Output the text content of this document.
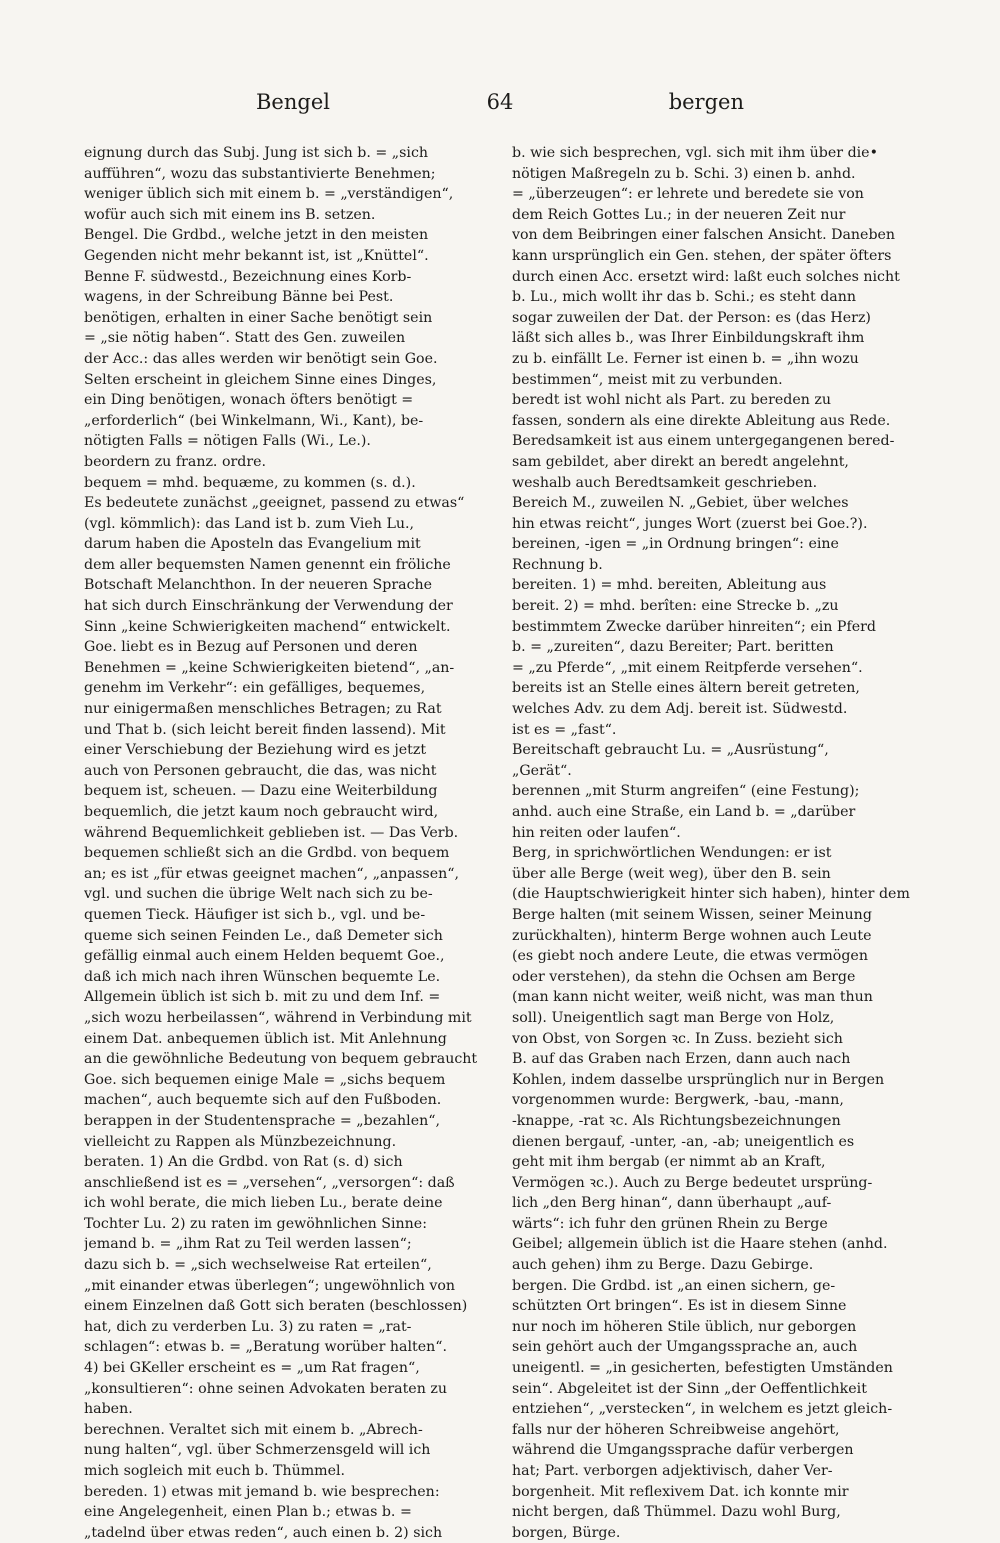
Bengel	64	bergen
eignung durch das Subj. Jung ist sich b. = „sich
aufführen“, wozu das substantivierte Benehmen;
weniger üblich sich mit einem b. = „verständigen“,
wofür auch sich mit einem ins B. setzen.
Bengel. Die Grdbd., welche jetzt in den meisten
Gegenden nicht mehr bekannt ist, ist „Knüttel“.
Benne F. südwestd., Bezeichnung eines Korb-
wagens, in der Schreibung Bänne bei Pest.
benötigen, erhalten in einer Sache benötigt sein
= „sie nötig haben“. Statt des Gen. zuweilen
der Acc.: das alles werden wir benötigt sein Goe.
Selten erscheint in gleichem Sinne eines Dinges,
ein Ding benötigen, wonach öfters benötigt =
„erforderlich“ (bei Winkelmann, Wi., Kant), be-
nötigten Falls = nötigen Falls (Wi., Le.).
beordern zu franz. ordre.
bequem = mhd. bequæme, zu kommen (s. d.).
Es bedeutete zunächst „geeignet, passend zu etwas“
(vgl. kömmlich): das Land ist b. zum Vieh Lu.,
darum haben die Apostеln das Evangelium mit
dem aller bequemsten Namen genennt ein fröliche
Botschaft Melanchthon. In der neueren Sprache
hat sich durch Einschränkung der Verwendung der
Sinn „keine Schwierigkeiten machend“ entwickelt.
Goe. liebt es in Bezug auf Personen und deren
Benehmen = „keine Schwierigkeiten bietend“, „an-
genehm im Verkehr“: ein gefälliges, bequemes,
nur einigermaßen menschliches Betragen; zu Rat
und That b. (sich leicht bereit finden lassend). Mit
einer Verschiebung der Beziehung wird es jetzt
auch von Personen gebraucht, die das, was nicht
bequem ist, scheuen. — Dazu eine Weiterbildung
bequemlich, die jetzt kaum noch gebraucht wird,
während Bequemlichkeit geblieben ist. — Das Verb.
bequemen schließt sich an die Grdbd. von bequem
an; es ist „für etwas geeignet machen“, „anpassen“,
vgl. und suchen die übrige Welt nach sich zu be-
quemen Tieck. Häufiger ist sich b., vgl. und be-
queme sich seinen Feinden Le., daß Demeter sich
gefällig einmal auch einem Helden bequemt Goe.,
daß ich mich nach ihren Wünschen bequemte Le.
Allgemein üblich ist sich b. mit zu und dem Inf. =
„sich wozu herbeilassen“, während in Verbindung mit
einem Dat. anbequemen üblich ist. Mit Anlehnung
an die gewöhnliche Bedeutung von bequem gebraucht
Goe. sich bequemen einige Male = „sichs bequem
machen“, auch bequemte sich auf den Fußboden.
berappen in der Studentensprache = „bezahlen“,
vielleicht zu Rappen als Münzbezeichnung.
beraten. 1) An die Grdbd. von Rat (s. d) sich
anschließend ist es = „versehen“, „versorgen“: daß
ich wohl berate, die mich lieben Lu., berate deine
Tochter Lu. 2) zu raten im gewöhnlichen Sinne:
jemand b. = „ihm Rat zu Teil werden lassen“;
dazu sich b. = „sich wechselweise Rat erteilen“,
„mit einander etwas überlegen“; ungewöhnlich von
einem Einzelnen daß Gott sich beraten (beschlossen)
hat, dich zu verderben Lu. 3) zu raten = „rat-
schlagen“: etwas b. = „Beratung worüber halten“.
4) bei GKeller erscheint es = „um Rat fragen“,
„konsultieren“: ohne seinen Advokaten beraten zu
haben.
berechnen. Veraltet sich mit einem b. „Abrech-
nung halten“, vgl. über Schmerzensgeld will ich
mich sogleich mit euch b. Thümmel.
bereden. 1) etwas mit jemand b. wie besprechen:
eine Angelegenheit, einen Plan b.; etwas b. =
„tadelnd über etwas reden“, auch einen b. 2) sich
b. wie sich besprechen, vgl. sich mit ihm über die•
nötigen Maßregeln zu b. Schi. 3) einen b. anhd.
= „überzeugen“: er lehrete und beredete sie von
dem Reich Gottes Lu.; in der neueren Zeit nur
von dem Beibringen einer falschen Ansicht. Daneben
kann ursprünglich ein Gen. stehen, der später öfters
durch einen Acc. ersetzt wird: laßt euch solches nicht
b. Lu., mich wollt ihr das b. Schi.; es steht dann
sogar zuweilen der Dat. der Person: es (das Herz)
läßt sich alles b., was Ihrer Einbildungskraft ihm
zu b. einfällt Le. Ferner ist einen b. = „ihn wozu
bestimmen“, meist mit zu verbunden.
beredt ist wohl nicht als Part. zu bereden zu
fassen, sondern als eine direkte Ableitung aus Rede.
Beredsamkeit ist aus einem untergegangenen bered-
sam gebildet, aber direkt an beredt angelehnt,
weshalb auch Beredtsamkeit geschrieben.
Bereich M., zuweilen N. „Gebiet, über welches
hin etwas reicht“, junges Wort (zuerst bei Goe.?).
bereinen, -igen = „in Ordnung bringen“: eine
Rechnung b.
bereiten. 1) = mhd. bereiten, Ableitung aus
bereit. 2) = mhd. berîten: eine Strecke b. „zu
bestimmtem Zwecke darüber hinreiten“; ein Pferd
b. = „zureiten“, dazu Bereiter; Part. beritten
= „zu Pferde“, „mit einem Reitpferde versehen“.
bereits ist an Stelle eines ältern bereit getreten,
welches Adv. zu dem Adj. bereit ist. Südwestd.
ist es = „fast“.
Bereitschaft gebraucht Lu. = „Ausrüstung“,
„Gerät“.
berennen „mit Sturm angreifen“ (eine Festung);
anhd. auch eine Straße, ein Land b. = „darüber
hin reiten oder laufen“.
Berg, in sprichwörtlichen Wendungen: er ist
über alle Berge (weit weg), über den B. sein
(die Hauptschwierigkeit hinter sich haben), hinter dem
Berge halten (mit seinem Wissen, seiner Meinung
zurückhalten), hinterm Berge wohnen auch Leute
(es giebt noch andere Leute, die etwas vermögen
oder verstehen), da stehn die Ochsen am Berge
(man kann nicht weiter, weiß nicht, was man thun
soll). Uneigentlich sagt man Berge von Holz,
von Obst, von Sorgen ꝛc. In Zuss. bezieht sich
B. auf das Graben nach Erzen, dann auch nach
Kohlen, indem dasselbe ursprünglich nur in Bergen
vorgenommen wurde: Bergwerk, -bau, -mann,
-knappe, -rat ꝛc. Als Richtungsbezeichnungen
dienen bergauf, -unter, -an, -ab; uneigentlich es
geht mit ihm bergab (er nimmt ab an Kraft,
Vermögen ꝛc.). Auch zu Berge bedeutet ursprüng-
lich „den Berg hinan“, dann überhaupt „auf-
wärts“: ich fuhr den grünen Rhein zu Berge
Geibel; allgemein üblich ist die Haare stehen (anhd.
auch gehen) ihm zu Berge. Dazu Gebirge.
bergen. Die Grdbd. ist „an einen sichern, ge-
schützten Ort bringen“. Es ist in diesem Sinne
nur noch im höheren Stile üblich, nur geborgen
sein gehört auch der Umgangssprache an, auch
uneigentl. = „in gesicherten, befestigten Umständen
sein“. Abgeleitet ist der Sinn „der Oeffentlichkeit
entziehen“, „verstecken“, in welchem es jetzt gleich-
falls nur der höheren Schreibweise angehört,
während die Umgangssprache dafür verbergen
hat; Part. verborgen adjektivisch, daher Ver-
borgenheit. Mit reflexivem Dat. ich konnte mir
nicht bergen, daß Thümmel. Dazu wohl Burg,
borgen, Bürge.
